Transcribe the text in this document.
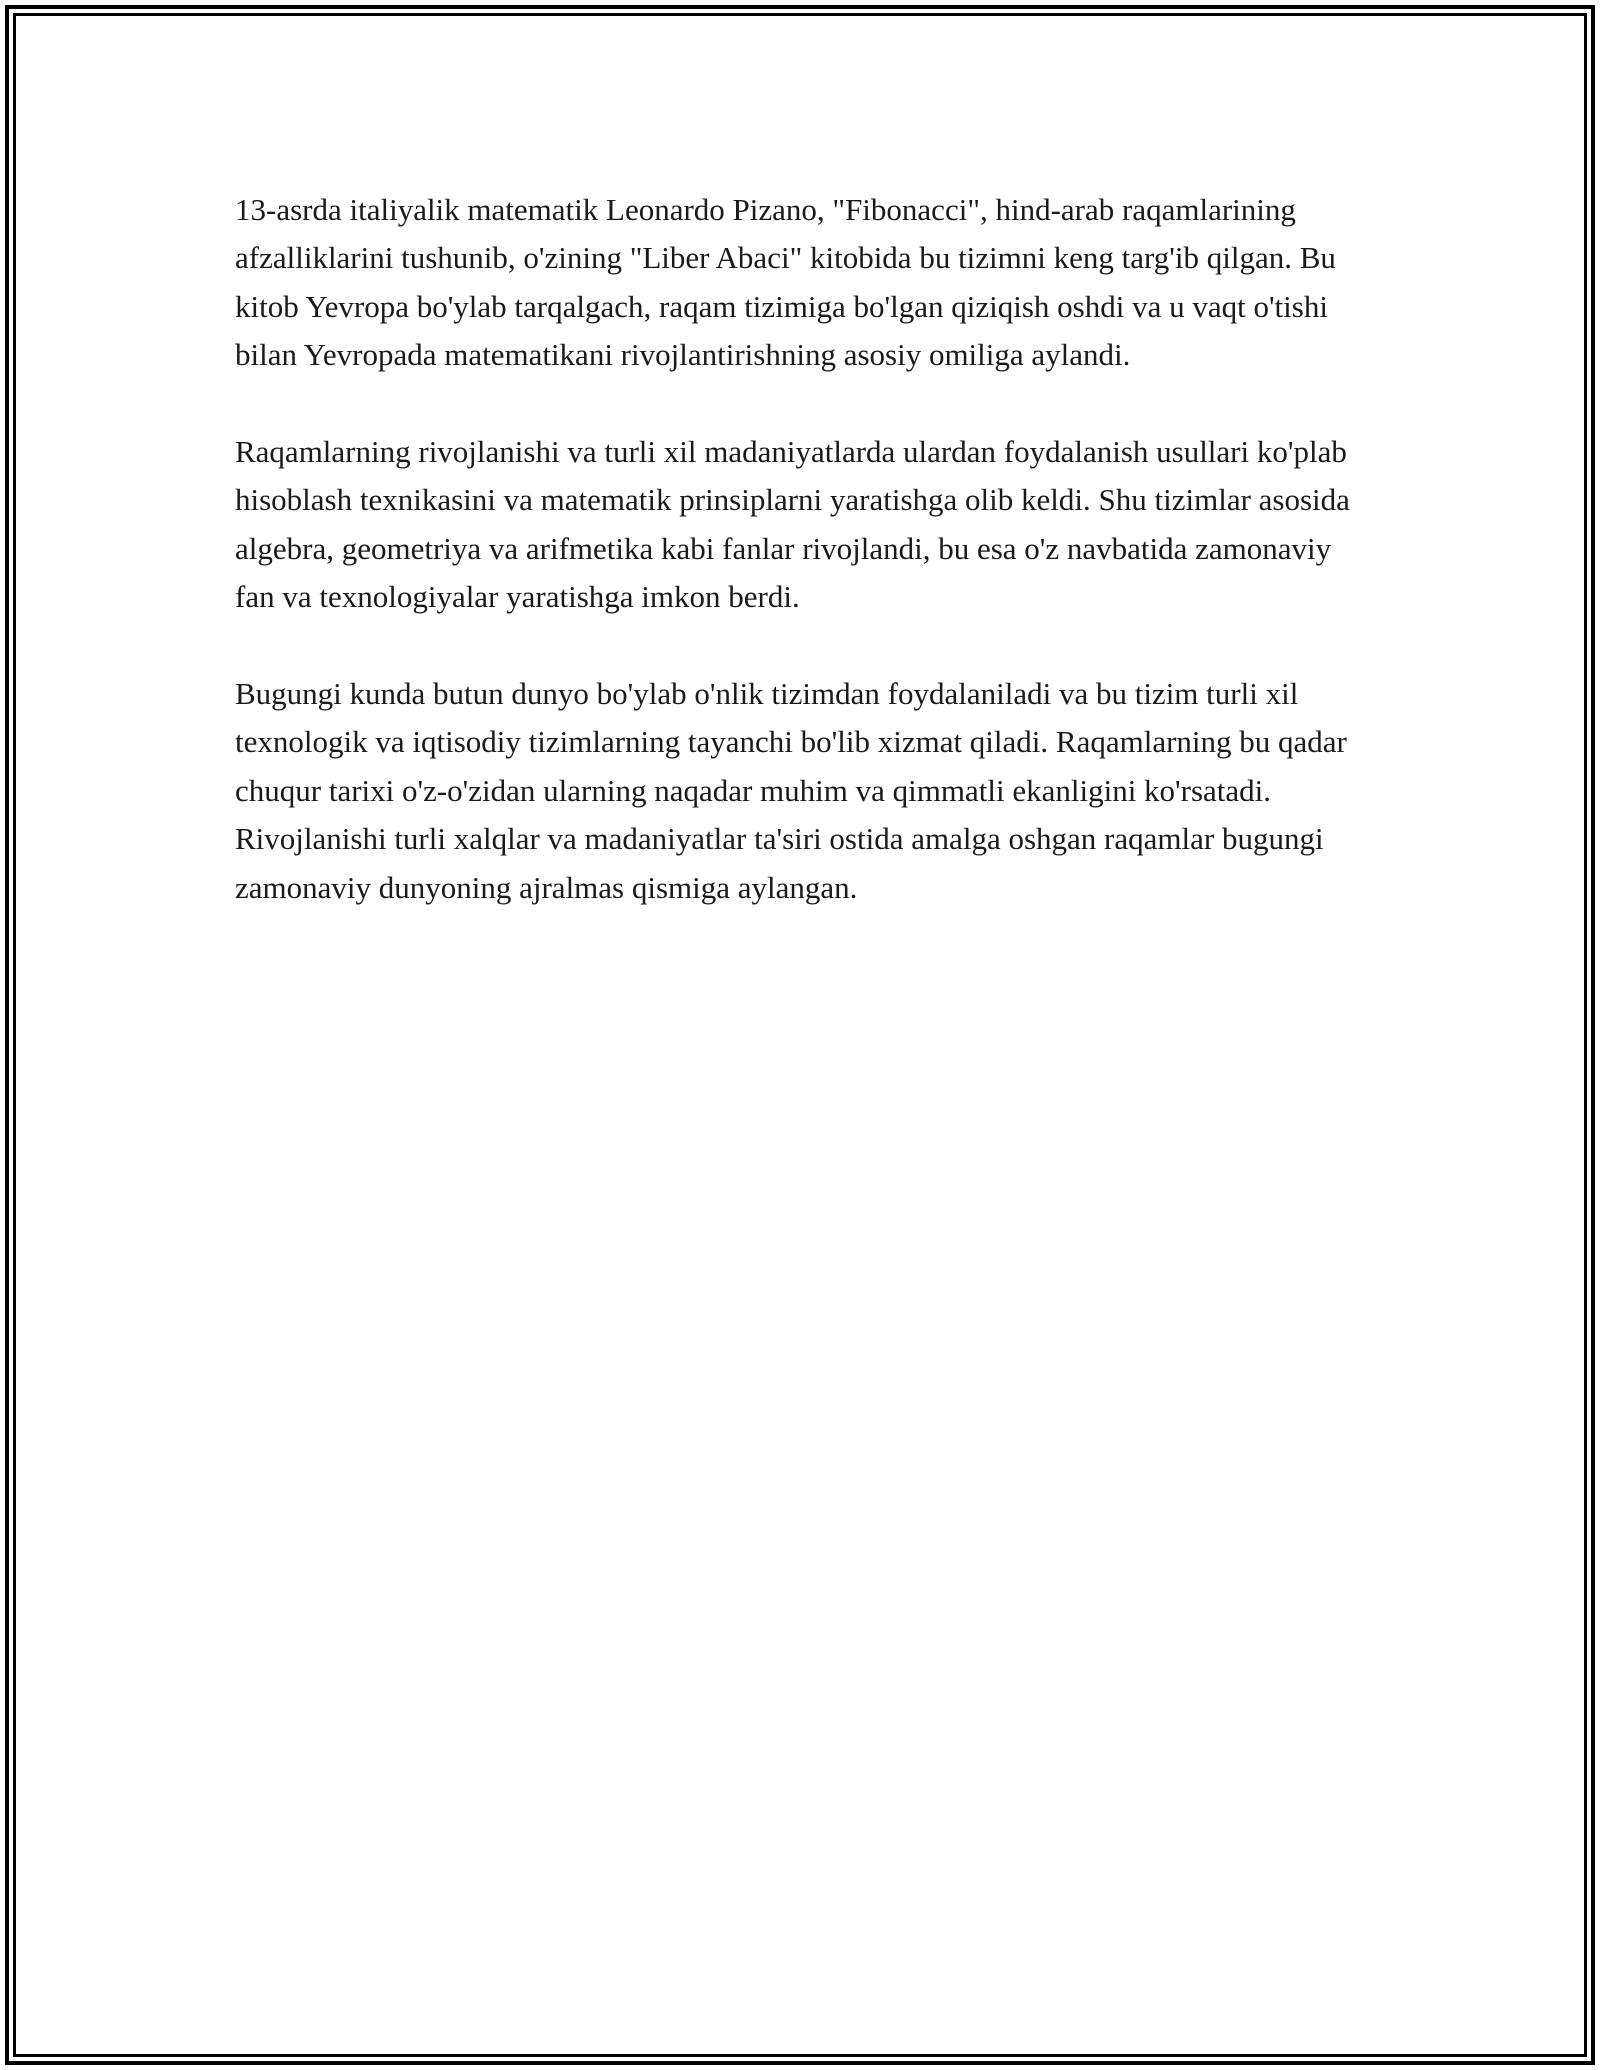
13-asrda italiyalik matematik Leonardo Pizano, "Fibonacci", hind-arab raqamlarining afzalliklarini tushunib, o'zining "Liber Abaci" kitobida bu tizimni keng targ'ib qilgan. Bu kitob Yevropa bo'ylab tarqalgach, raqam tizimiga bo'lgan qiziqish oshdi va u vaqt o'tishi bilan Yevropada matematikani rivojlantirishning asosiy omiliga aylandi.

Raqamlarning rivojlanishi va turli xil madaniyatlarda ulardan foydalanish usullari ko'plab hisoblash texnikasini va matematik prinsiplarni yaratishga olib keldi. Shu tizimlar asosida algebra, geometriya va arifmetika kabi fanlar rivojlandi, bu esa o'z navbatida zamonaviy fan va texnologiyalar yaratishga imkon berdi.

Bugungi kunda butun dunyo bo'ylab o'nlik tizimdan foydalaniladi va bu tizim turli xil texnologik va iqtisodiy tizimlarning tayanchi bo'lib xizmat qiladi. Raqamlarning bu qadar chuqur tarixi o'z-o'zidan ularning naqadar muhim va qimmatli ekanligini ko'rsatadi. Rivojlanishi turli xalqlar va madaniyatlar ta'siri ostida amalga oshgan raqamlar bugungi zamonaviy dunyoning ajralmas qismiga aylangan.
